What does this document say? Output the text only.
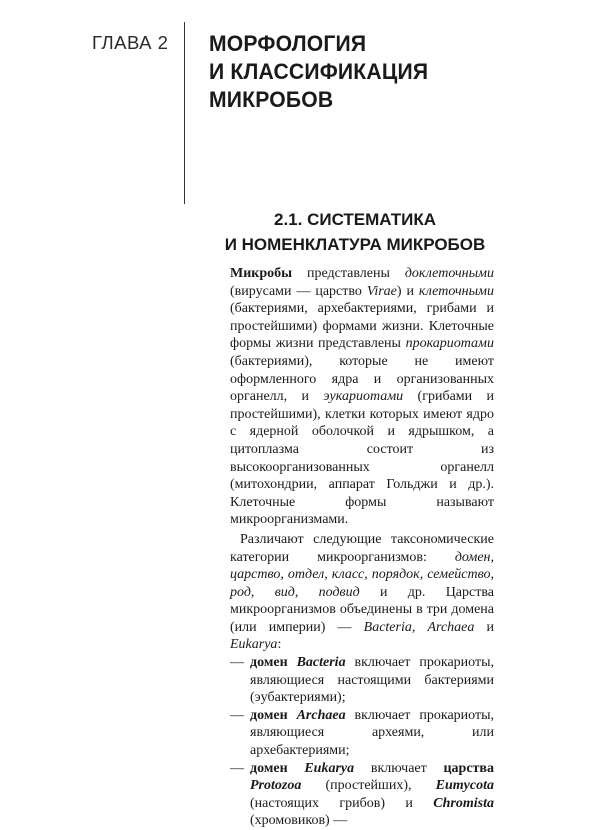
ГЛАВА 2 МОРФОЛОГИЯ
И КЛАССИФИКАЦИЯ
МИКРОБОВ
2.1. СИСТЕМАТИКА
И НОМЕНКЛАТУРА МИКРОБОВ

Микробы представлены доклеточными (вирусами — царство Virae) и клеточными (бактериями, архебактериями, грибами и простейшими) формами жизни. Клеточные формы жизни представлены прокариотами (бактериями), которые не имеют оформленного ядра и организованных органелл, и эукариотами (грибами и простейшими), клетки которых имеют ядро с ядерной оболочкой и ядрышком, а цитоплазма состоит из высокоорганизованных органелл (митохондрии, аппарат Гольджи и др.). Клеточные формы называют микроорганизмами.

Различают следующие таксономические категории микроорганизмов: домен, царство, отдел, класс, порядок, семейство, род, вид, подвид и др. Царства микроорганизмов объединены в три домена (или империи) — Bacteria, Archaea и Eukarya:

— домен Bacteria включает прокариоты, являющиеся настоящими бактериями (эубактериями);
— домен Archaea включает прокариоты, являющиеся археями, или архебактериями;
— домен Eukarya включает царства Protozoa (простейших), Eumycota (настоящих грибов) и Chromista (хромовиков) —
